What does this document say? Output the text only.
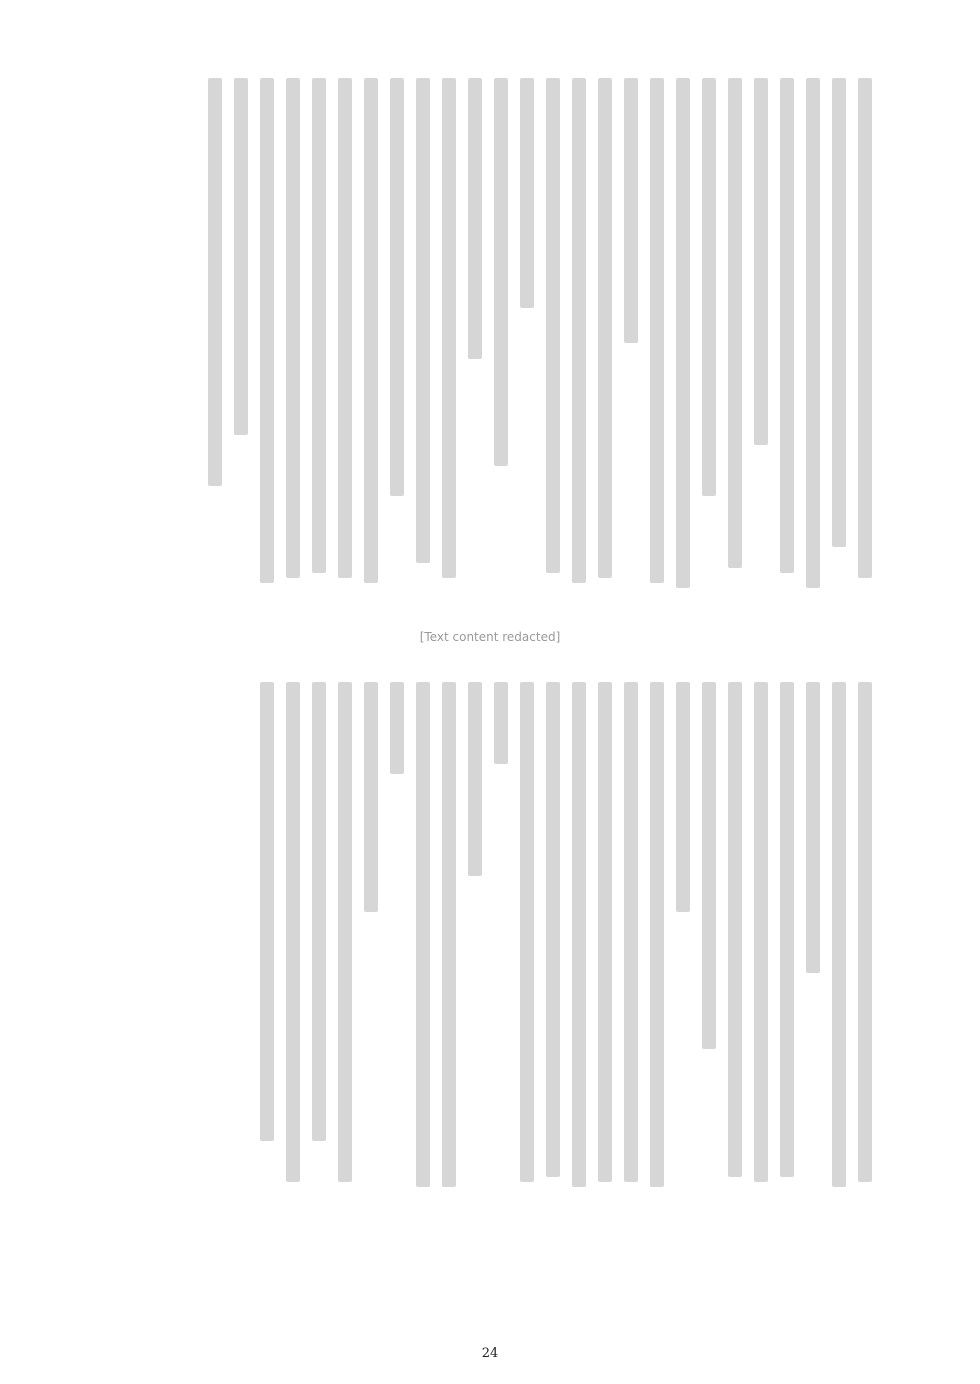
[Text content redacted]
24
